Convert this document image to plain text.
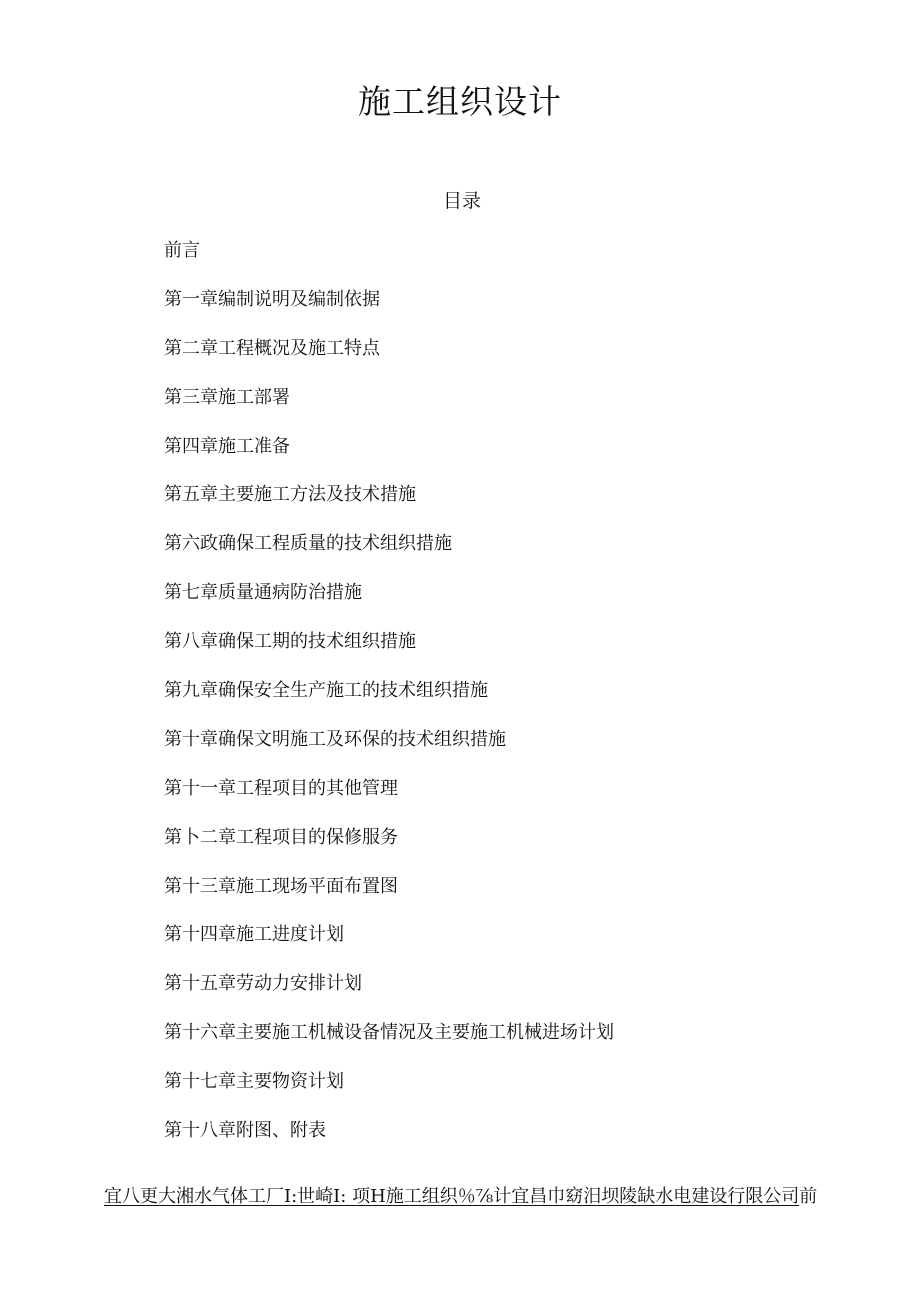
施工组织设计
目录
前言
第一章编制说明及编制依据
第二章工程概况及施工特点
第三章施工部署
第四章施工准备
第五章主要施工方法及技术措施
第六政确保工程质量的技术组织措施
第七章质量通病防治措施
第八章确保工期的技术组织措施
第九章确保安全生产施工的技术组织措施
第十章确保文明施工及环保的技术组织措施
第十一章工程项目的其他管理
第卜二章工程项目的保修服务
第十三章施工现场平面布置图
第十四章施工进度计划
第十五章劳动力安排计划
第十六章主要施工机械设备情况及主要施工机械进场计划
第十七章主要物资计划
第十八章附图、附表
宜八更大湘水气体工厂I:世崎I: 项H施工组织％⅞计宜昌巾窈汨坝陵缺水电建设行限公司前
